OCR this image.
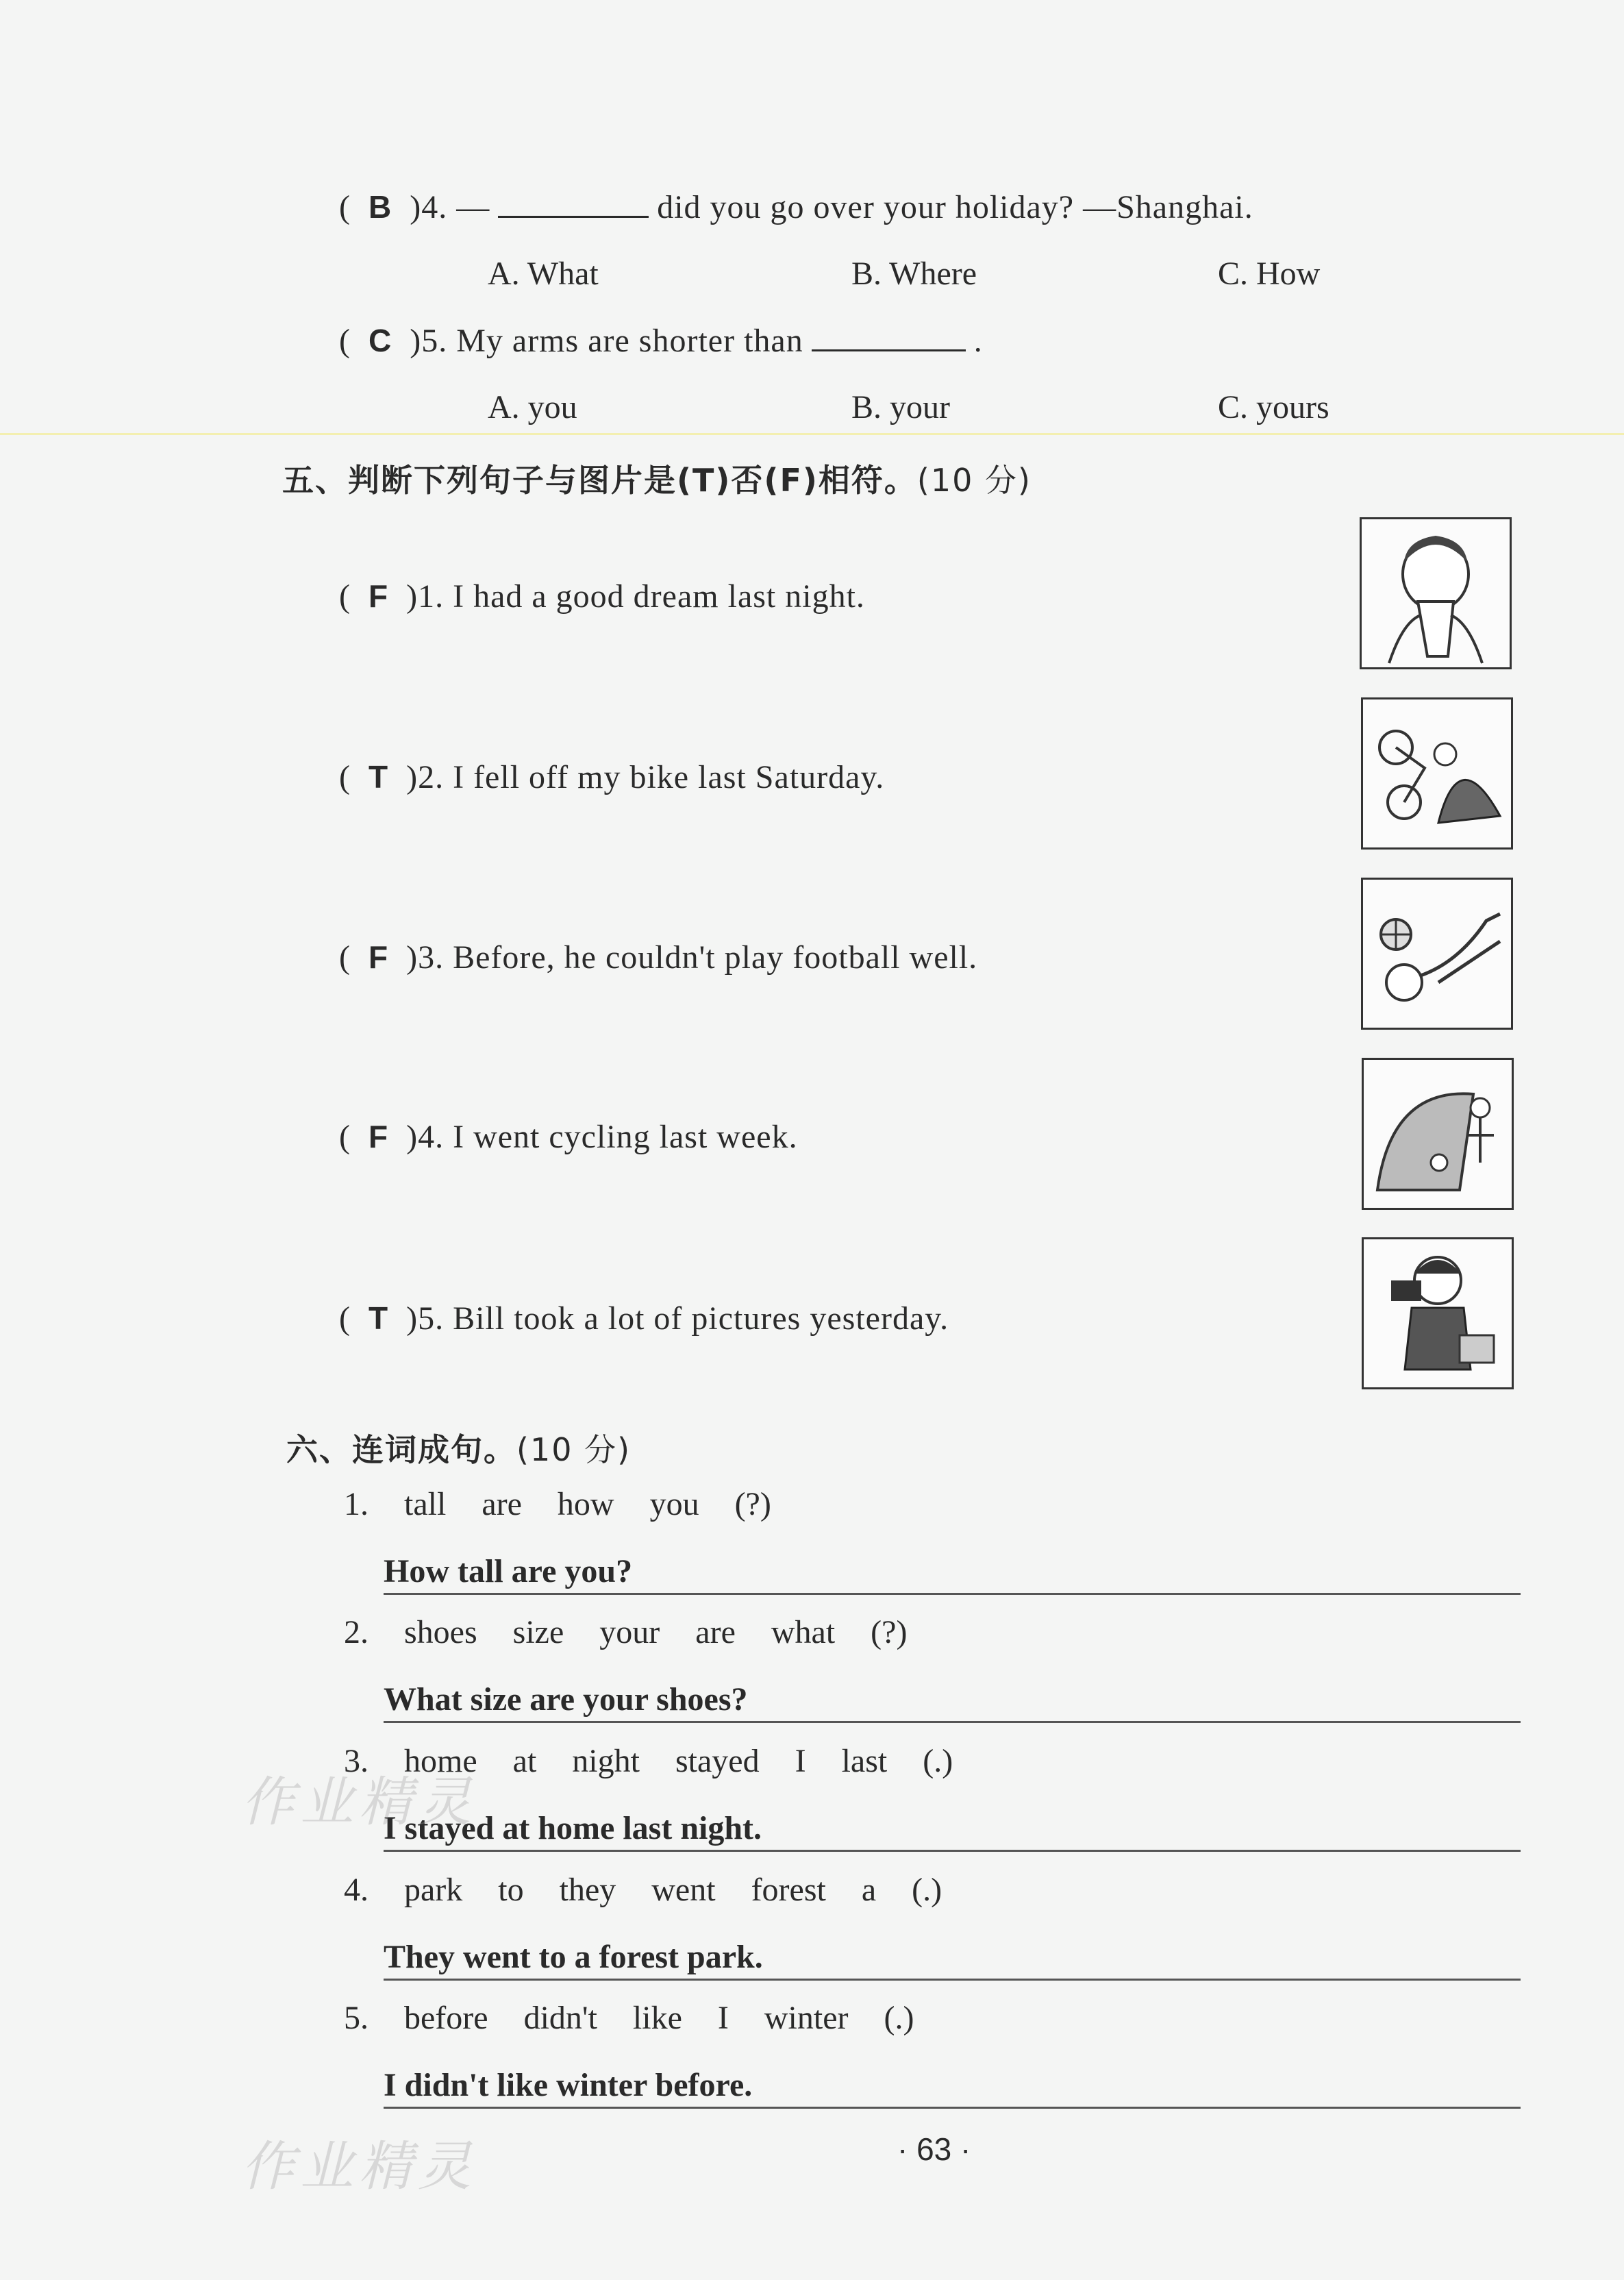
(  B )4. —	did you go over your holiday? —Shanghai.
A. What	B. Where	C. How
(  C )5. My arms are shorter than	.
A. you	B. your	C. yours
五、判断下列句子与图片是(T)否(F)相符。(10 分)
(  F )1. I had a good dream last night.
(  T )2. I fell off my bike last Saturday.
(  F )3. Before, he couldn't play football well.
(  F )4. I went cycling last week.
(  T )5. Bill took a lot of pictures yesterday.
六、连词成句。(10 分)
1. tall are how you (?)
How tall are you?
2. shoes size your are what (?)
What size are your shoes?
3. home at night stayed I last (.)
I stayed at home last night.
4. park to they went forest a (.)
They went to a forest park.
5. before didn't like I winter (.)
I didn't like winter before.
作业精灵
作业精灵	· 63 ·
